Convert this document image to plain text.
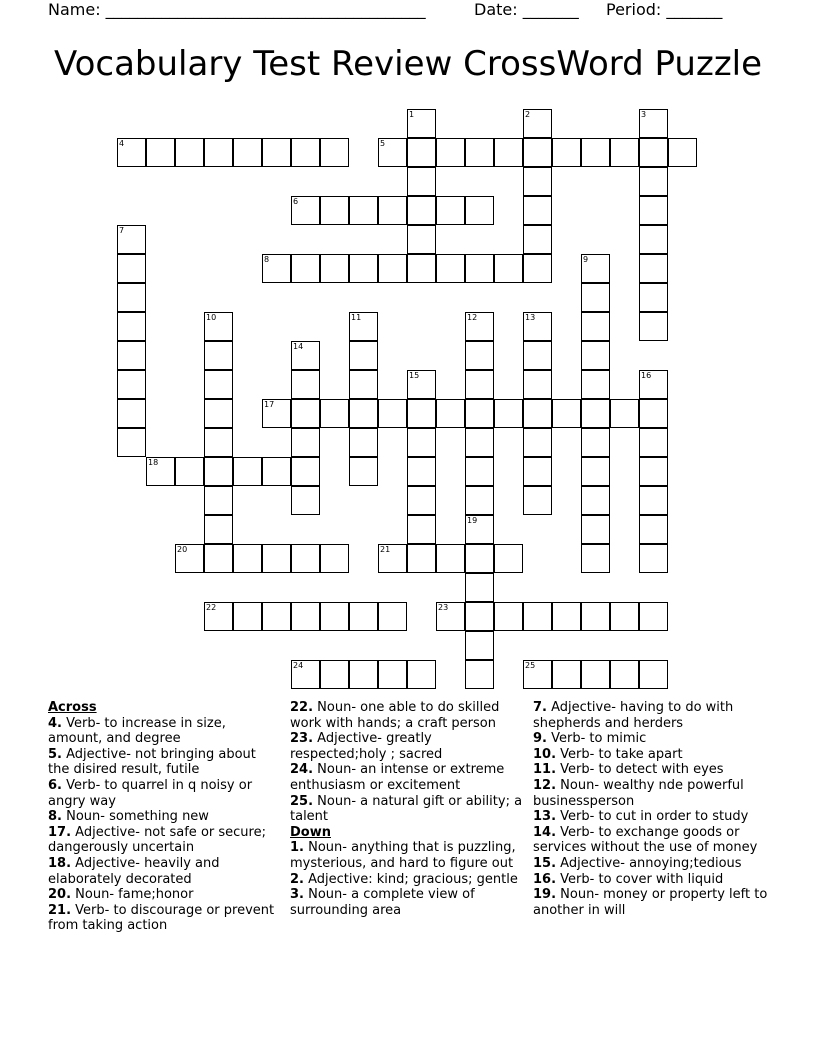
Name: ________________________________________	Date: _______ Period: _______
Vocabulary Test Review CrossWord Puzzle
1	2	3
4	5
6
7
8	9
10	11	12	13
14
15	16
17
18
19
20	21
22	23
24	25

Across

4. Verb- to increase in size, amount, and degree

5. Adjective- not bringing about the disired result, futile

6. Verb- to quarrel in q noisy or angry way

8. Noun- something new

17. Adjective- not safe or secure; dangerously uncertain

18. Adjective- heavily and elaborately decorated

20. Noun- fame;honor

21. Verb- to discourage or prevent from taking action

22. Noun- one able to do skilled work with hands; a craft person

23. Adjective- greatly respected;holy ; sacred

24. Noun- an intense or extreme enthusiasm or excitement

25. Noun- a natural gift or ability; a talent

Down

1. Noun- anything that is puzzling, mysterious, and hard to figure out

2. Adjective: kind; gracious; gentle

3. Noun- a complete view of surrounding area

7. Adjective- having to do with shepherds and herders

9. Verb- to mimic

10. Verb- to take apart

11. Verb- to detect with eyes

12. Noun- wealthy nde powerful businessperson

13. Verb- to cut in order to study

14. Verb- to exchange goods or services without the use of money

15. Adjective- annoying;tedious

16. Verb- to cover with liquid

19. Noun- money or property left to another in will
